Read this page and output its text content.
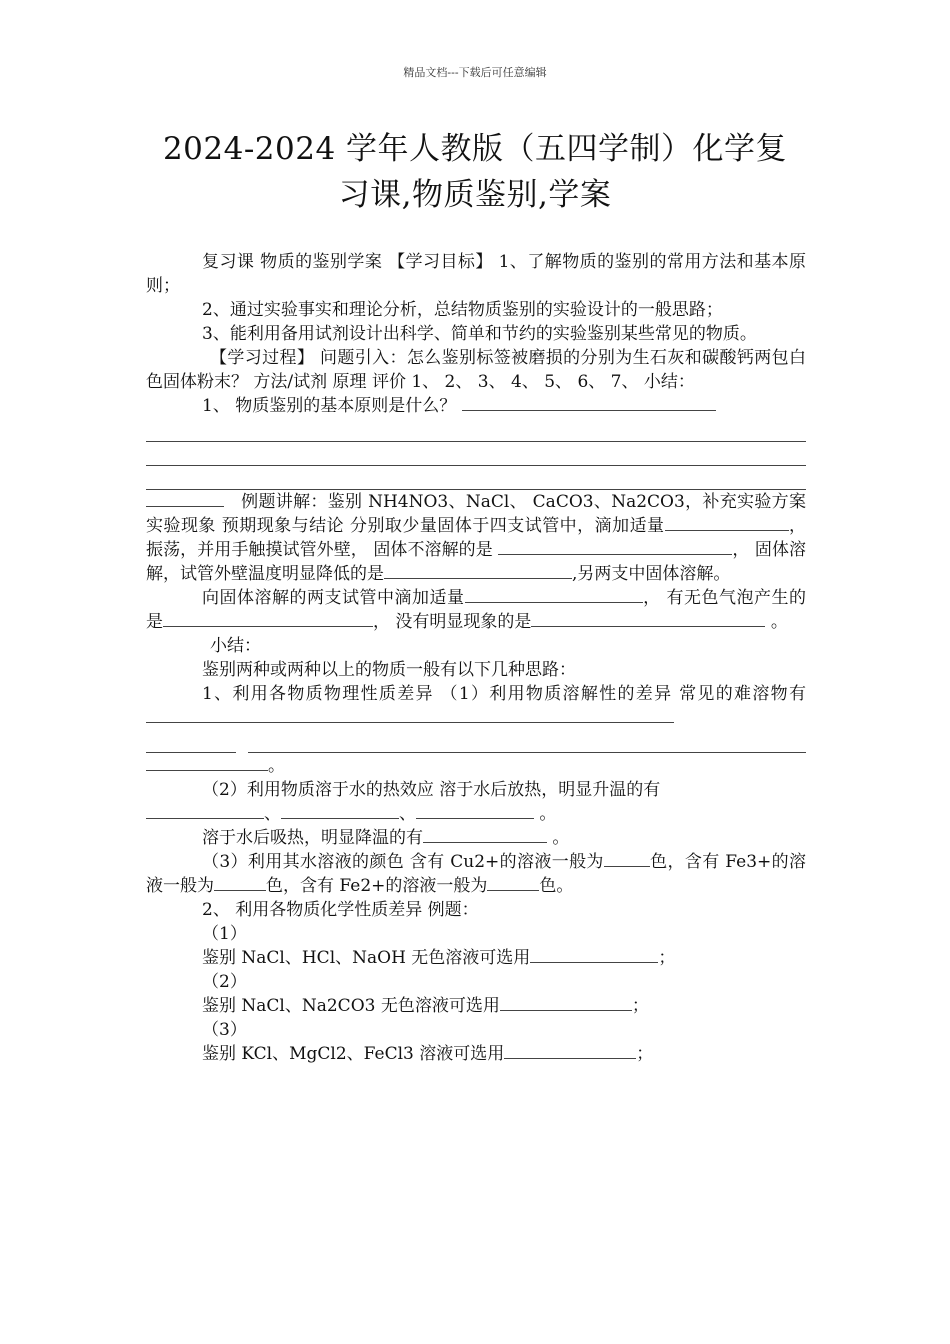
精品文档---下载后可任意编辑
2024-2024 学年人教版（五四学制）化学复
习课,物质鉴别,学案

复习课 物质的鉴别学案 【学习目标】 1、了解物质的鉴别的常用方法和基本原则；

2、通过实验事实和理论分析，总结物质鉴别的实验设计的一般思路；

3、能利用备用试剂设计出科学、简单和节约的实验鉴别某些常见的物质。

【学习过程】 问题引入：怎么鉴别标签被磨损的分别为生石灰和碳酸钙两包白色固体粉末？ 方法/试剂 原理 评价 1、 2、 3、 4、 5、 6、 7、 小结：

1、 物质鉴别的基本原则是什么？

例题讲解：鉴别 NH4NO3、NaCl、 CaCO3、Na2CO3，补充实验方案 实验现象 预期现象与结论 分别取少量固体于四支试管中，滴加适量	，振荡，并用手触摸试管外壁， 固体不溶解的是	， 固体溶解，试管外壁温度明显降低的是	,另两支中固体溶解。

向固体溶解的两支试管中滴加适量	， 有无色气泡产生的是	， 没有明显现象的是	。

小结：

鉴别两种或两种以上的物质一般有以下几种思路：

1、利用各物质物理性质差异 （1）利用物质溶解性的差异 常见的难溶物有

。

（2）利用物质溶于水的热效应 溶于水后放热，明显升温的有

、	、	。

溶于水后吸热，明显降温的有	。

（3）利用其水溶液的颜色 含有 Cu2+的溶液一般为	色，含有 Fe3+的溶液一般为	色，含有 Fe2+的溶液一般为	色。

2、 利用各物质化学性质差异 例题：

（1）

鉴别 NaCl、HCl、NaOH 无色溶液可选用	；

（2）

鉴别 NaCl、Na2CO3 无色溶液可选用	；

（3）

鉴别 KCl、MgCl2、FeCl3 溶液可选用	；
